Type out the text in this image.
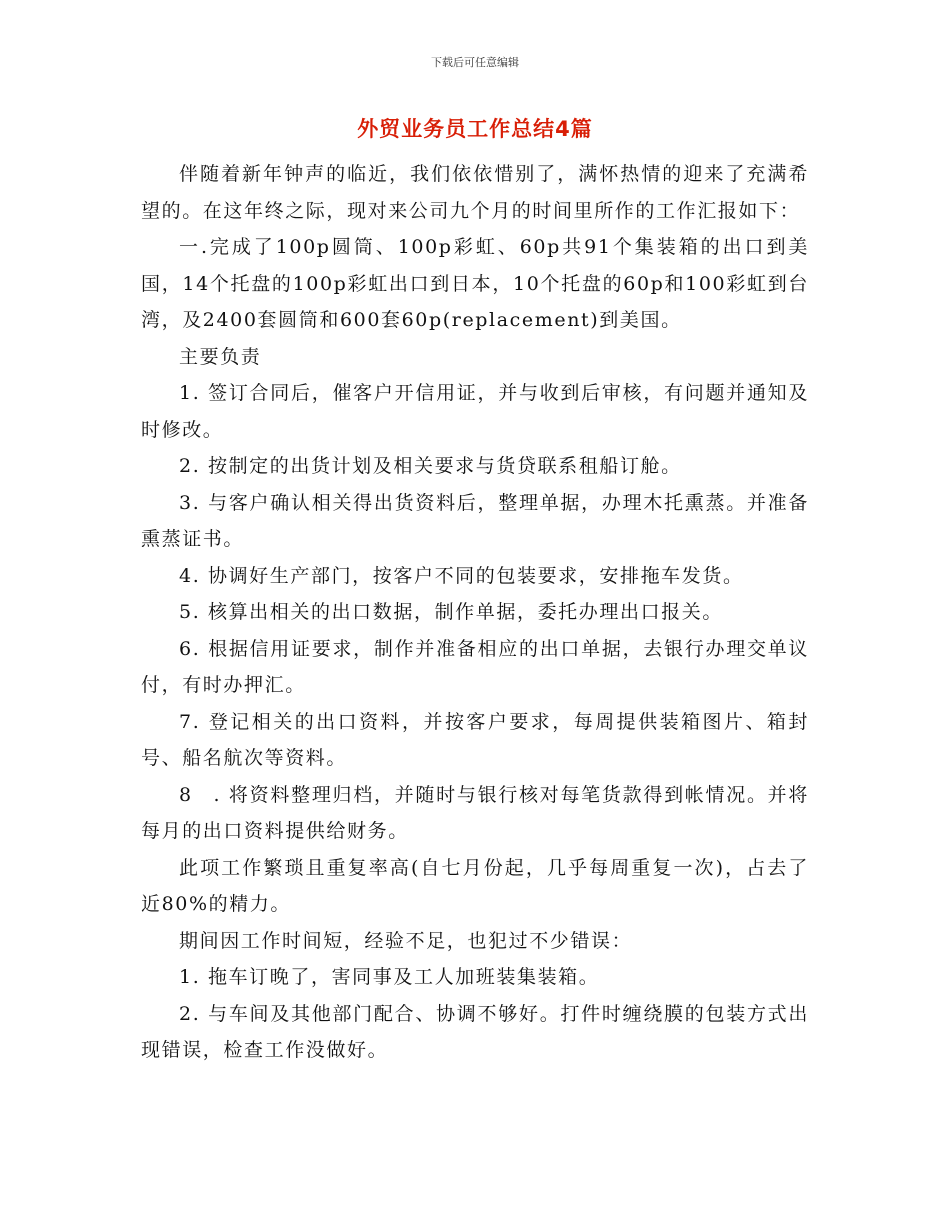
下载后可任意编辑
外贸业务员工作总结4篇

伴随着新年钟声的临近，我们依依惜别了，满怀热情的迎来了充满希望的。在这年终之际，现对来公司九个月的时间里所作的工作汇报如下：

一.完成了100p圆筒、100p彩虹、60p共91个集装箱的出口到美国，14个托盘的100p彩虹出口到日本，10个托盘的60p和100彩虹到台湾，及2400套圆筒和600套60p(replacement)到美国。

主要负责

1. 签订合同后，催客户开信用证，并与收到后审核，有问题并通知及时修改。

2. 按制定的出货计划及相关要求与货贷联系租船订舱。

3. 与客户确认相关得出货资料后，整理单据，办理木托熏蒸。并准备熏蒸证书。

4. 协调好生产部门，按客户不同的包装要求，安排拖车发货。

5. 核算出相关的出口数据，制作单据，委托办理出口报关。

6. 根据信用证要求，制作并准备相应的出口单据，去银行办理交单议付，有时办押汇。

7. 登记相关的出口资料，并按客户要求，每周提供装箱图片、箱封号、船名航次等资料。

8　. 将资料整理归档，并随时与银行核对每笔货款得到帐情况。并将每月的出口资料提供给财务。

此项工作繁琐且重复率高(自七月份起，几乎每周重复一次)，占去了近80%的精力。

期间因工作时间短，经验不足，也犯过不少错误：

1. 拖车订晚了，害同事及工人加班装集装箱。

2. 与车间及其他部门配合、协调不够好。打件时缠绕膜的包装方式出现错误，检查工作没做好。
